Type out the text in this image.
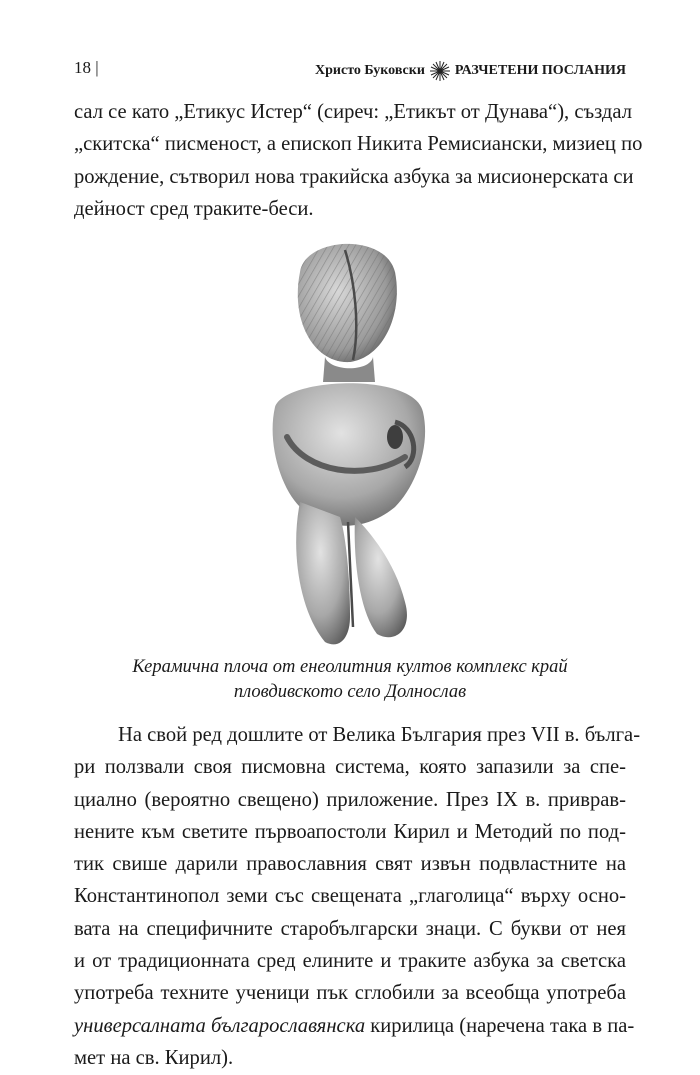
18 |	Христо Буковски РАЗЧЕТЕНИ ПОСЛАНИЯ
сал се като „Етикус Истер“ (сиреч: „Етикът от Дунава“), създал
„скитска“ писменост, а епископ Никита Ремисиански, мизиец по
рождение, сътворил нова тракийска азбука за мисионерската си
дейност сред траките-беси.
Керамична плоча от енеолитния култов комплекс край
пловдивското село Долнослав
На свой ред дошлите от Велика България през VII в. бълга-
ри ползвали своя писмовна система, която запазили за спе-
циално (вероятно свещено) приложение. През IX в. приврав-
нените към светите първоапостоли Кирил и Методий по под-
тик свише дарили православния свят извън подвластните на
Константинопол земи със свещената „глаголица“ върху осно-
вата на специфичните старобългарски знаци. С букви от нея
и от традиционната сред елините и траките азбука за светска
употреба техните ученици пък сглобили за всеобща употреба
универсалната българославянска кирилица (наречена така в па-
мет на св. Кирил).
